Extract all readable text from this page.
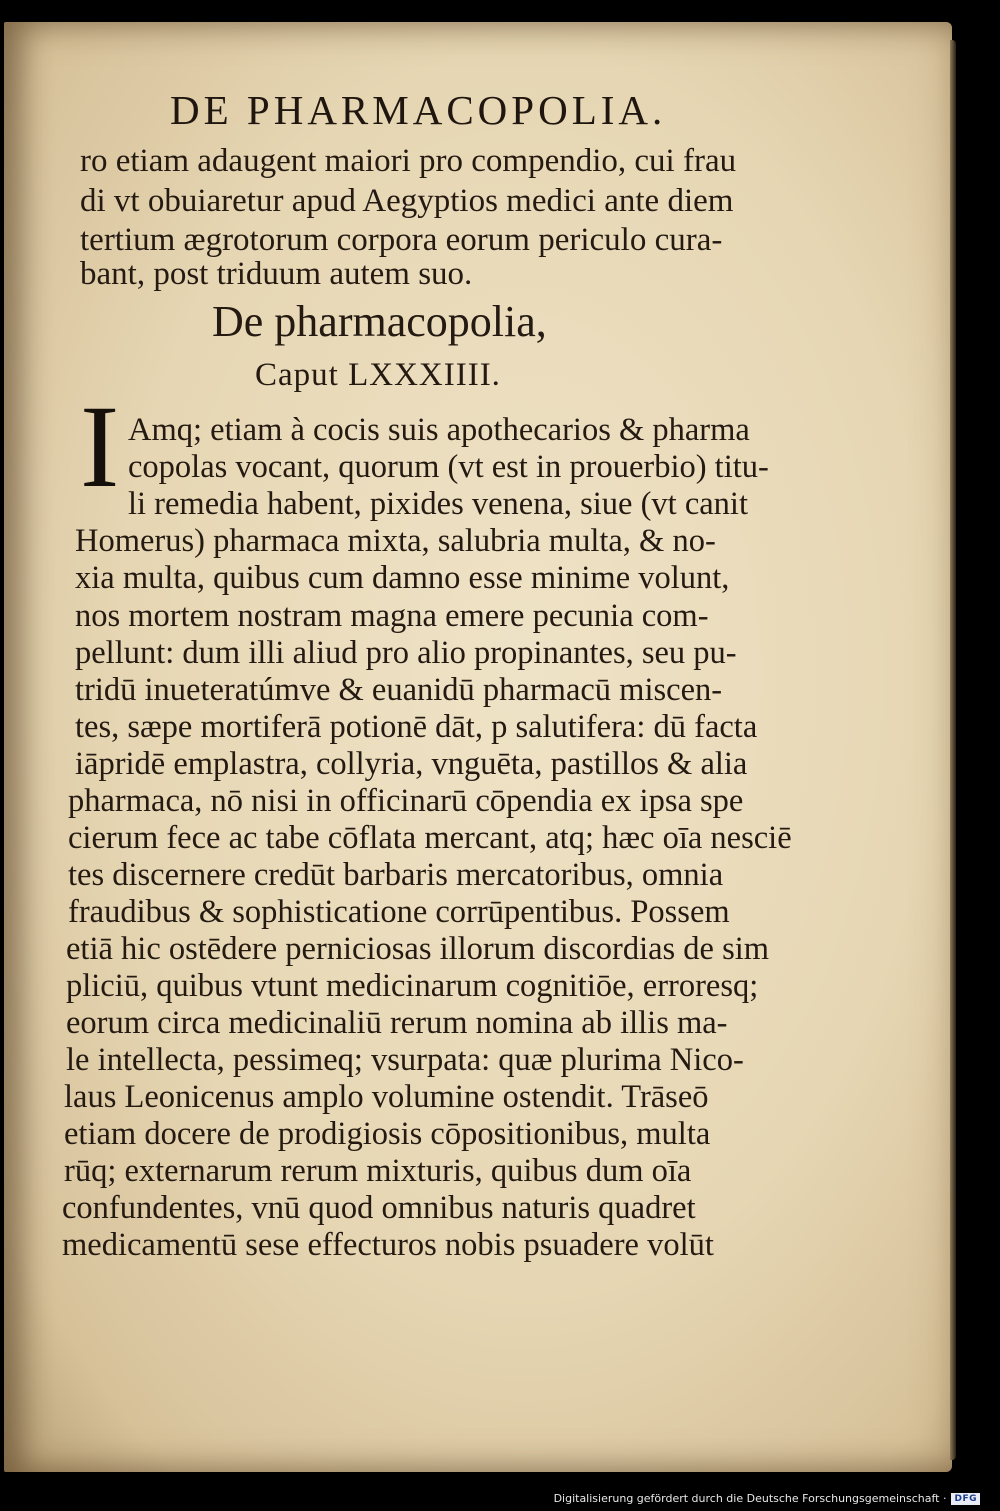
DE PHARMACOPOLIA.
ro etiam adaugent maiori pro compendio, cui frau
di vt obuiaretur apud Aegyptios medici ante diem
tertium ægrotorum corpora eorum periculo cura-
bant, post triduum autem suo.
De pharmacopolia,
Caput LXXXIIII.
I Amq; etiam à cocis suis apothecarios & pharma
copolas vocant, quorum (vt est in prouerbio) titu-
li remedia habent, pixides venena, siue (vt canit
Homerus) pharmaca mixta, salubria multa, & no-
xia multa, quibus cum damno esse minime volunt,
nos mortem nostram magna emere pecunia com-
pellunt: dum illi aliud pro alio propinantes, seu pu-
tridū inueteratúmve & euanidū pharmacū miscen-
tes, sæpe mortiferā potionē dāt, p salutifera: dū facta
iāpridē emplastra, collyria, vnguēta, pastillos & alia
pharmaca, nō nisi in officinarū cōpendia ex ipsa spe
cierum fece ac tabe cōflata mercant, atq; hæc oīa nesciē
tes discernere credūt barbaris mercatoribus, omnia
fraudibus & sophisticatione corrūpentibus. Possem
etiā hic ostēdere perniciosas illorum discordias de sim
pliciū, quibus vtunt medicinarum cognitiōe, erroresq;
eorum circa medicinaliū rerum nomina ab illis ma-
le intellecta, pessimeq; vsurpata: quæ plurima Nico-
laus Leonicenus amplo volumine ostendit. Trāseō
etiam docere de prodigiosis cōpositionibus, multa
rūq; externarum rerum mixturis, quibus dum oīa
confundentes, vnū quod omnibus naturis quadret
medicamentū sese effecturos nobis psuadere volūt
Digitalisierung gefördert durch die Deutsche Forschungsgemeinschaft · DFG
